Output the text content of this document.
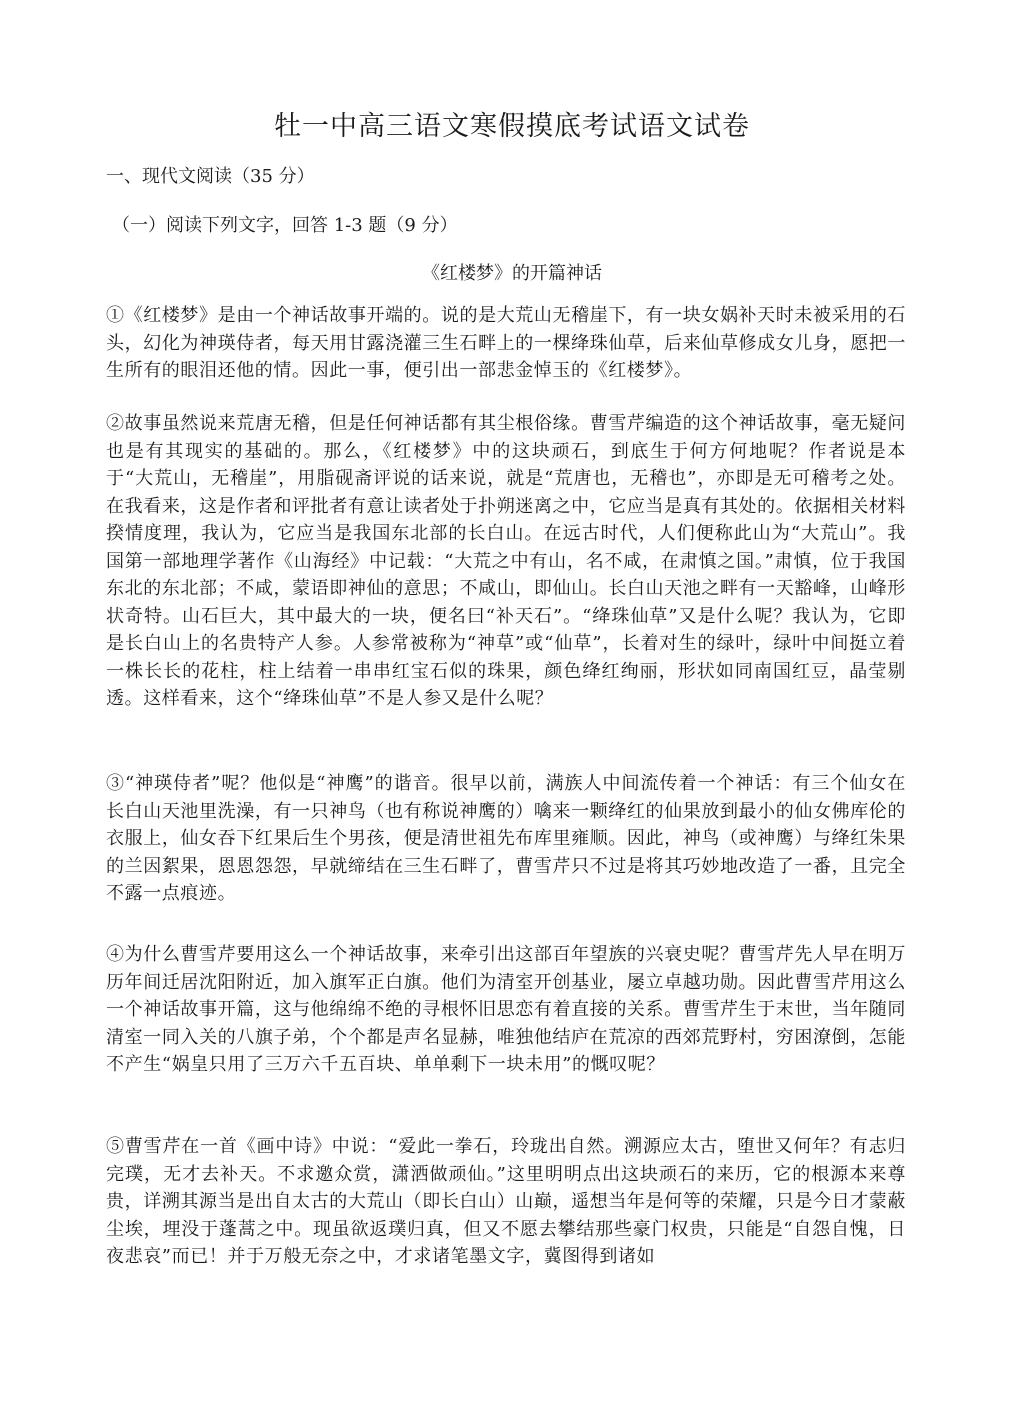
牡一中高三语文寒假摸底考试语文试卷
一、现代文阅读（35 分）
（一）阅读下列文字，回答 1-3 题（9 分）
《红楼梦》的开篇神话

①《红楼梦》是由一个神话故事开端的。说的是大荒山无稽崖下，有一块女娲补天时未被采用的石头，幻化为神瑛侍者，每天用甘露浇灌三生石畔上的一棵绛珠仙草，后来仙草修成女儿身，愿把一生所有的眼泪还他的情。因此一事，便引出一部悲金悼玉的《红楼梦》。

②故事虽然说来荒唐无稽，但是任何神话都有其尘根俗缘。曹雪芹编造的这个神话故事，毫无疑问也是有其现实的基础的。那么，《红楼梦》中的这块顽石，到底生于何方何地呢？作者说是本于“大荒山，无稽崖”，用脂砚斋评说的话来说，就是“荒唐也，无稽也”，亦即是无可稽考之处。在我看来，这是作者和评批者有意让读者处于扑朔迷离之中，它应当是真有其处的。依据相关材料揆情度理，我认为，它应当是我国东北部的长白山。在远古时代，人们便称此山为“大荒山”。我国第一部地理学著作《山海经》中记载：“大荒之中有山，名不咸，在肃慎之国。”肃慎，位于我国东北的东北部；不咸，蒙语即神仙的意思；不咸山，即仙山。长白山天池之畔有一天豁峰，山峰形状奇特。山石巨大，其中最大的一块，便名曰“补天石”。“绛珠仙草”又是什么呢？我认为，它即是长白山上的名贵特产人参。人参常被称为“神草”或“仙草”，长着对生的绿叶，绿叶中间挺立着一株长长的花柱，柱上结着一串串红宝石似的珠果，颜色绛红绚丽，形状如同南国红豆，晶莹剔透。这样看来，这个“绛珠仙草”不是人参又是什么呢？

③“神瑛侍者”呢？他似是“神鹰”的谐音。很早以前，满族人中间流传着一个神话：有三个仙女在长白山天池里洗澡，有一只神鸟（也有称说神鹰的）噙来一颗绛红的仙果放到最小的仙女佛库伦的衣服上，仙女吞下红果后生个男孩，便是清世祖先布库里雍顺。因此，神鸟（或神鹰）与绛红朱果的兰因絮果，恩恩怨怨，早就缔结在三生石畔了，曹雪芹只不过是将其巧妙地改造了一番，且完全不露一点痕迹。

④为什么曹雪芹要用这么一个神话故事，来牵引出这部百年望族的兴衰史呢？曹雪芹先人早在明万历年间迁居沈阳附近，加入旗军正白旗。他们为清室开创基业，屡立卓越功勋。因此曹雪芹用这么一个神话故事开篇，这与他绵绵不绝的寻根怀旧思恋有着直接的关系。曹雪芹生于末世，当年随同清室一同入关的八旗子弟，个个都是声名显赫，唯独他结庐在荒凉的西郊荒野村，穷困潦倒，怎能不产生“娲皇只用了三万六千五百块、单单剩下一块未用”的慨叹呢？

⑤曹雪芹在一首《画中诗》中说：“爱此一拳石，玲珑出自然。溯源应太古，堕世又何年？有志归完璞，无才去补天。不求邀众赏，潇洒做顽仙。”这里明明点出这块顽石的来历，它的根源本来尊贵，详溯其源当是出自太古的大荒山（即长白山）山巅，遥想当年是何等的荣耀，只是今日才蒙蔽尘埃，埋没于蓬蒿之中。现虽欲返璞归真，但又不愿去攀结那些豪门权贵，只能是“自怨自愧，日夜悲哀”而已！并于万般无奈之中，才求诸笔墨文字，冀图得到诸如
